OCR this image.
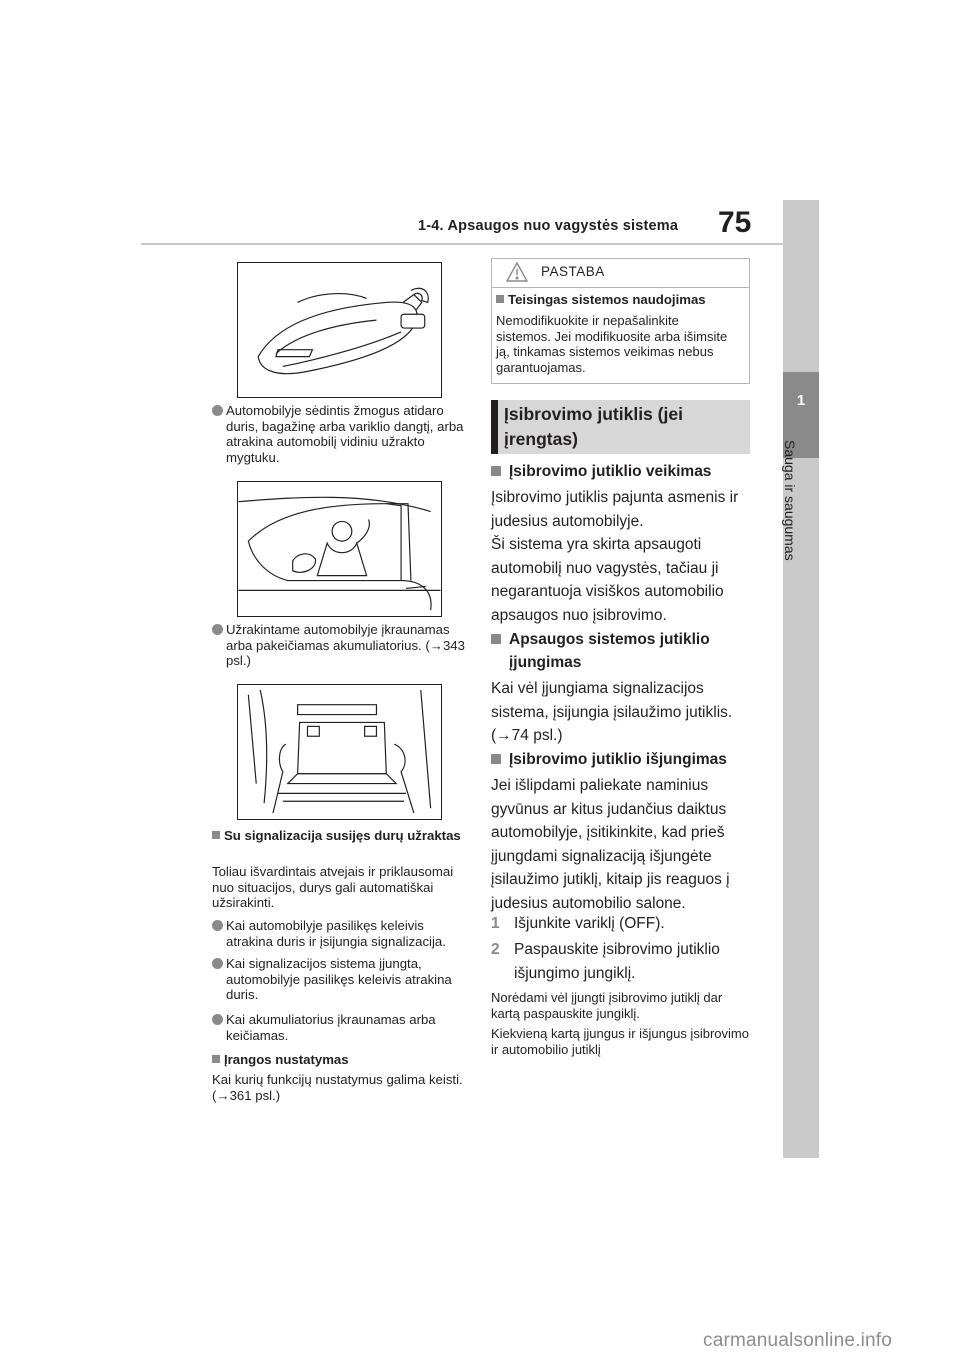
1-4. Apsaugos nuo vagystės sistema	75
1
Sauga ir saugumas
Automobilyje sėdintis žmogus atidaro duris, bagažinę arba variklio dangtį, arba atrakina automobilį vidiniu užrakto mygtuku.
Užrakintame automobilyje įkraunamas arba pakeičiamas akumuliatorius. (→343 psl.)
Su signalizacija susijęs durų užraktas
Toliau išvardintais atvejais ir priklausomai nuo situacijos, durys gali automatiškai užsirakinti.
Kai automobilyje pasilikęs keleivis atrakina duris ir įsijungia signalizacija.
Kai signalizacijos sistema įjungta, automobilyje pasilikęs keleivis atrakina duris.
Kai akumuliatorius įkraunamas arba keičiamas.
Įrangos nustatymas
Kai kurių funkcijų nustatymus galima keisti. (→361 psl.)
PASTABA
Teisingas sistemos naudojimas
Nemodifikuokite ir nepašalinkite sistemos. Jei modifikuosite arba išimsite ją, tinkamas sistemos veikimas nebus garantuojamas.
Įsibrovimo jutiklis (jei įrengtas)
Įsibrovimo jutiklio veikimas
Įsibrovimo jutiklis pajunta asmenis ir judesius automobilyje.
Ši sistema yra skirta apsaugoti automobilį nuo vagystės, tačiau ji negarantuoja visiškos automobilio apsaugos nuo įsibrovimo.
Apsaugos sistemos jutiklio įjungimas
Kai vėl įjungiama signalizacijos sistema, įsijungia įsilaužimo jutiklis. (→74 psl.)
Įsibrovimo jutiklio išjungimas
Jei išlipdami paliekate naminius gyvūnus ar kitus judančius daiktus automobilyje, įsitikinkite, kad prieš įjungdami signalizaciją išjungėte įsilaužimo jutiklį, kitaip jis reaguos į judesius automobilio salone.
1 Išjunkite variklį (OFF).
2 Paspauskite įsibrovimo jutiklio išjungimo jungiklį.
Norėdami vėl įjungti įsibrovimo jutiklį dar kartą paspauskite jungiklį.
Kiekvieną kartą įjungus ir išjungus įsibrovimo ir automobilio jutiklį
carmanualsonline.info
